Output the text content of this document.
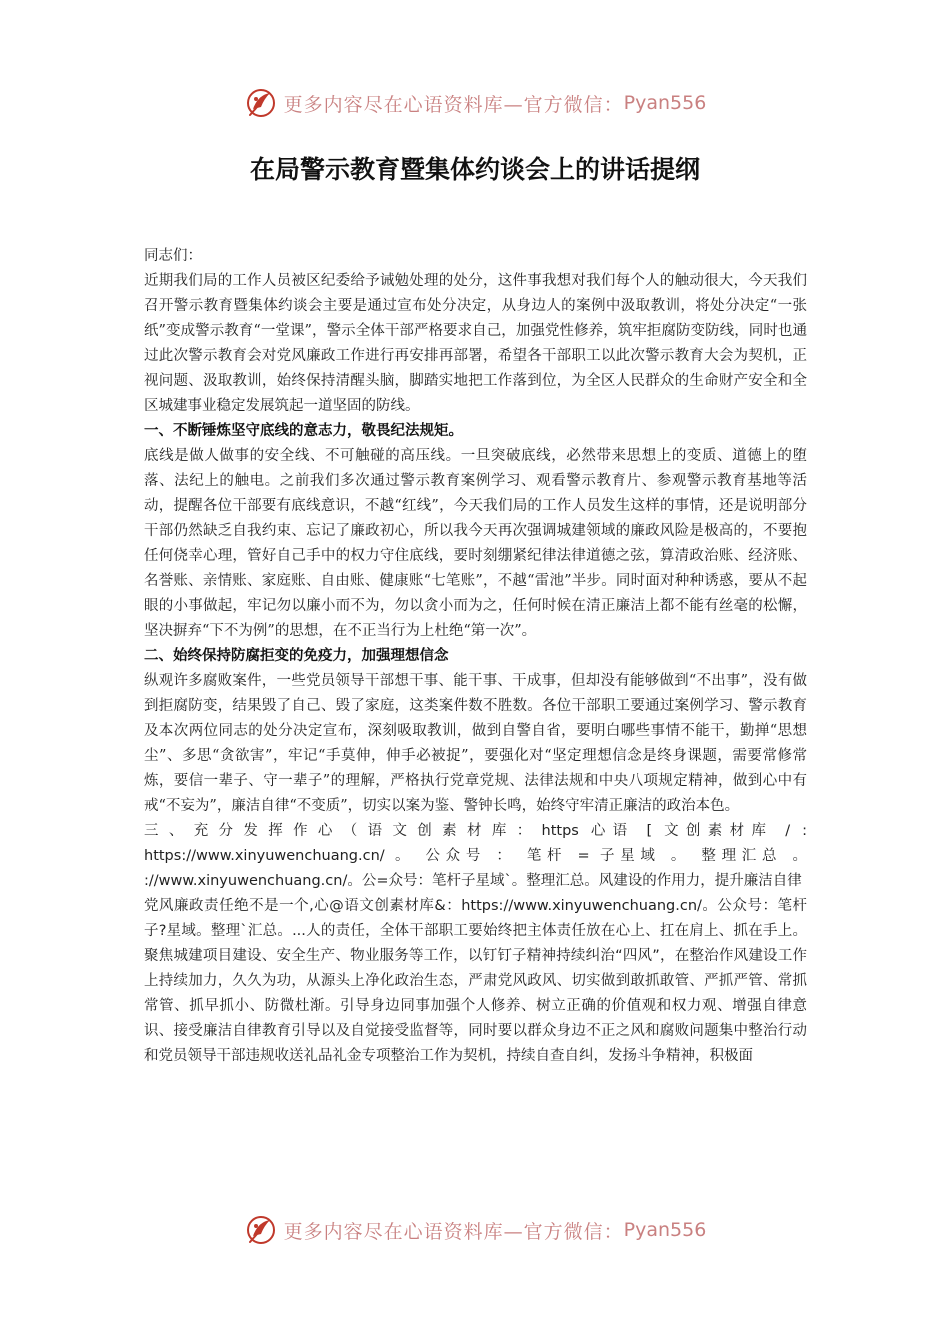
更多内容尽在心语资料库—官方微信： Pyan556
在局警示教育暨集体约谈会上的讲话提纲

同志们：

近期我们局的工作人员被区纪委给予诫勉处理的处分，这件事我想对我们每个人的触动很大，今天我们召开警示教育暨集体约谈会主要是通过宣布处分决定，从身边人的案例中汲取教训，将处分决定“一张纸”变成警示教育“一堂课”，警示全体干部严格要求自己，加强党性修养，筑牢拒腐防变防线，同时也通过此次警示教育会对党风廉政工作进行再安排再部署，希望各干部职工以此次警示教育大会为契机，正视问题、汲取教训，始终保持清醒头脑，脚踏实地把工作落到位，为全区人民群众的生命财产安全和全区城建事业稳定发展筑起一道坚固的防线。

一、不断锤炼坚守底线的意志力，敬畏纪法规矩。

底线是做人做事的安全线、不可触碰的高压线。一旦突破底线，必然带来思想上的变质、道德上的堕落、法纪上的触电。之前我们多次通过警示教育案例学习、观看警示教育片、参观警示教育基地等活动，提醒各位干部要有底线意识，不越“红线”，今天我们局的工作人员发生这样的事情，还是说明部分干部仍然缺乏自我约束、忘记了廉政初心，所以我今天再次强调城建领域的廉政风险是极高的，不要抱任何侥幸心理，管好自己手中的权力守住底线，要时刻绷紧纪律法律道德之弦，算清政治账、经济账、名誉账、亲情账、家庭账、自由账、健康账“七笔账”，不越“雷池”半步。同时面对种种诱惑，要从不起眼的小事做起，牢记勿以廉小而不为，勿以贪小而为之，任何时候在清正廉洁上都不能有丝毫的松懈，坚决摒弃“下不为例”的思想，在不正当行为上杜绝“第一次”。

二、始终保持防腐拒变的免疫力，加强理想信念

纵观许多腐败案件，一些党员领导干部想干事、能干事、干成事，但却没有能够做到“不出事”，没有做到拒腐防变，结果毁了自己、毁了家庭，这类案件数不胜数。各位干部职工要通过案例学习、警示教育及本次两位同志的处分决定宣布，深刻吸取教训，做到自警自省，要明白哪些事情不能干，勤掸“思想尘”、多思“贪欲害”，牢记“手莫伸，伸手必被捉”，要强化对“坚定理想信念是终身课题，需要常修常炼，要信一辈子、守一辈子”的理解，严格执行党章党规、法律法规和中央八项规定精神，做到心中有戒“不妄为”，廉洁自律“不变质”，切实以案为鉴、警钟长鸣，始终守牢清正廉洁的政治本色。

三、充分发挥作心（语文创素材库：https 心语 [ 文创素材库 / : https://www.xinyuwenchuang.cn/ 。 公众号 ： 笔杆 = 子星域 。 整理汇总 。 ://www.xinyuwenchuang.cn/。公=众号：笔杆子星域`。整理汇总。风建设的作用力，提升廉洁自律

党风廉政责任绝不是一个,心@语文创素材库&：https://www.xinyuwenchuang.cn/。公众号：笔杆子?星域。整理`汇总。...人的责任，全体干部职工要始终把主体责任放在心上、扛在肩上、抓在手上。聚焦城建项目建设、安全生产、物业服务等工作，以钉钉子精神持续纠治“四风”，在整治作风建设工作上持续加力，久久为功，从源头上净化政治生态，严肃党风政风、切实做到敢抓敢管、严抓严管、常抓常管、抓早抓小、防微杜渐。引导身边同事加强个人修养、树立正确的价值观和权力观、增强自律意识、接受廉洁自律教育引导以及自觉接受监督等，同时要以群众身边不正之风和腐败问题集中整治行动和党员领导干部违规收送礼品礼金专项整治工作为契机，持续自查自纠，发扬斗争精神，积极面

更多内容尽在心语资料库—官方微信： Pyan556
